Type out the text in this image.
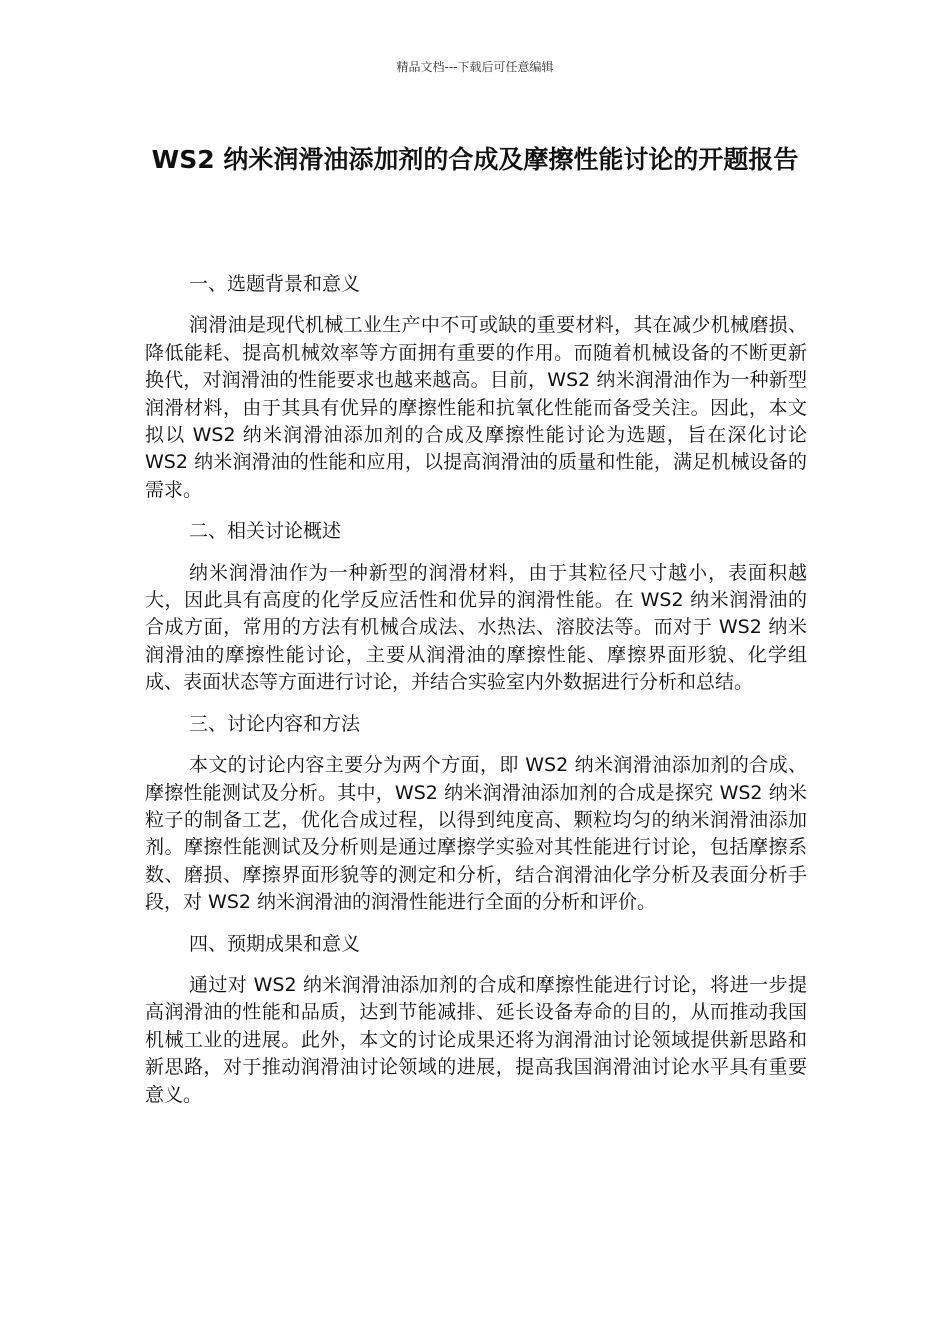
精品文档---下载后可任意编辑
WS2 纳米润滑油添加剂的合成及摩擦性能讨论的开题报告

一、选题背景和意义

润滑油是现代机械工业生产中不可或缺的重要材料，其在减少机械磨损、降低能耗、提高机械效率等方面拥有重要的作用。而随着机械设备的不断更新换代，对润滑油的性能要求也越来越高。目前，WS2 纳米润滑油作为一种新型润滑材料，由于其具有优异的摩擦性能和抗氧化性能而备受关注。因此，本文拟以 WS2 纳米润滑油添加剂的合成及摩擦性能讨论为选题，旨在深化讨论 WS2 纳米润滑油的性能和应用，以提高润滑油的质量和性能，满足机械设备的需求。

二、相关讨论概述

纳米润滑油作为一种新型的润滑材料，由于其粒径尺寸越小，表面积越大，因此具有高度的化学反应活性和优异的润滑性能。在 WS2 纳米润滑油的合成方面，常用的方法有机械合成法、水热法、溶胶法等。而对于 WS2 纳米润滑油的摩擦性能讨论，主要从润滑油的摩擦性能、摩擦界面形貌、化学组成、表面状态等方面进行讨论，并结合实验室内外数据进行分析和总结。

三、讨论内容和方法

本文的讨论内容主要分为两个方面，即 WS2 纳米润滑油添加剂的合成、摩擦性能测试及分析。其中，WS2 纳米润滑油添加剂的合成是探究 WS2 纳米粒子的制备工艺，优化合成过程，以得到纯度高、颗粒均匀的纳米润滑油添加剂。摩擦性能测试及分析则是通过摩擦学实验对其性能进行讨论，包括摩擦系数、磨损、摩擦界面形貌等的测定和分析，结合润滑油化学分析及表面分析手段，对 WS2 纳米润滑油的润滑性能进行全面的分析和评价。

四、预期成果和意义

通过对 WS2 纳米润滑油添加剂的合成和摩擦性能进行讨论，将进一步提高润滑油的性能和品质，达到节能减排、延长设备寿命的目的，从而推动我国机械工业的进展。此外，本文的讨论成果还将为润滑油讨论领域提供新思路和新思路，对于推动润滑油讨论领域的进展，提高我国润滑油讨论水平具有重要意义。
